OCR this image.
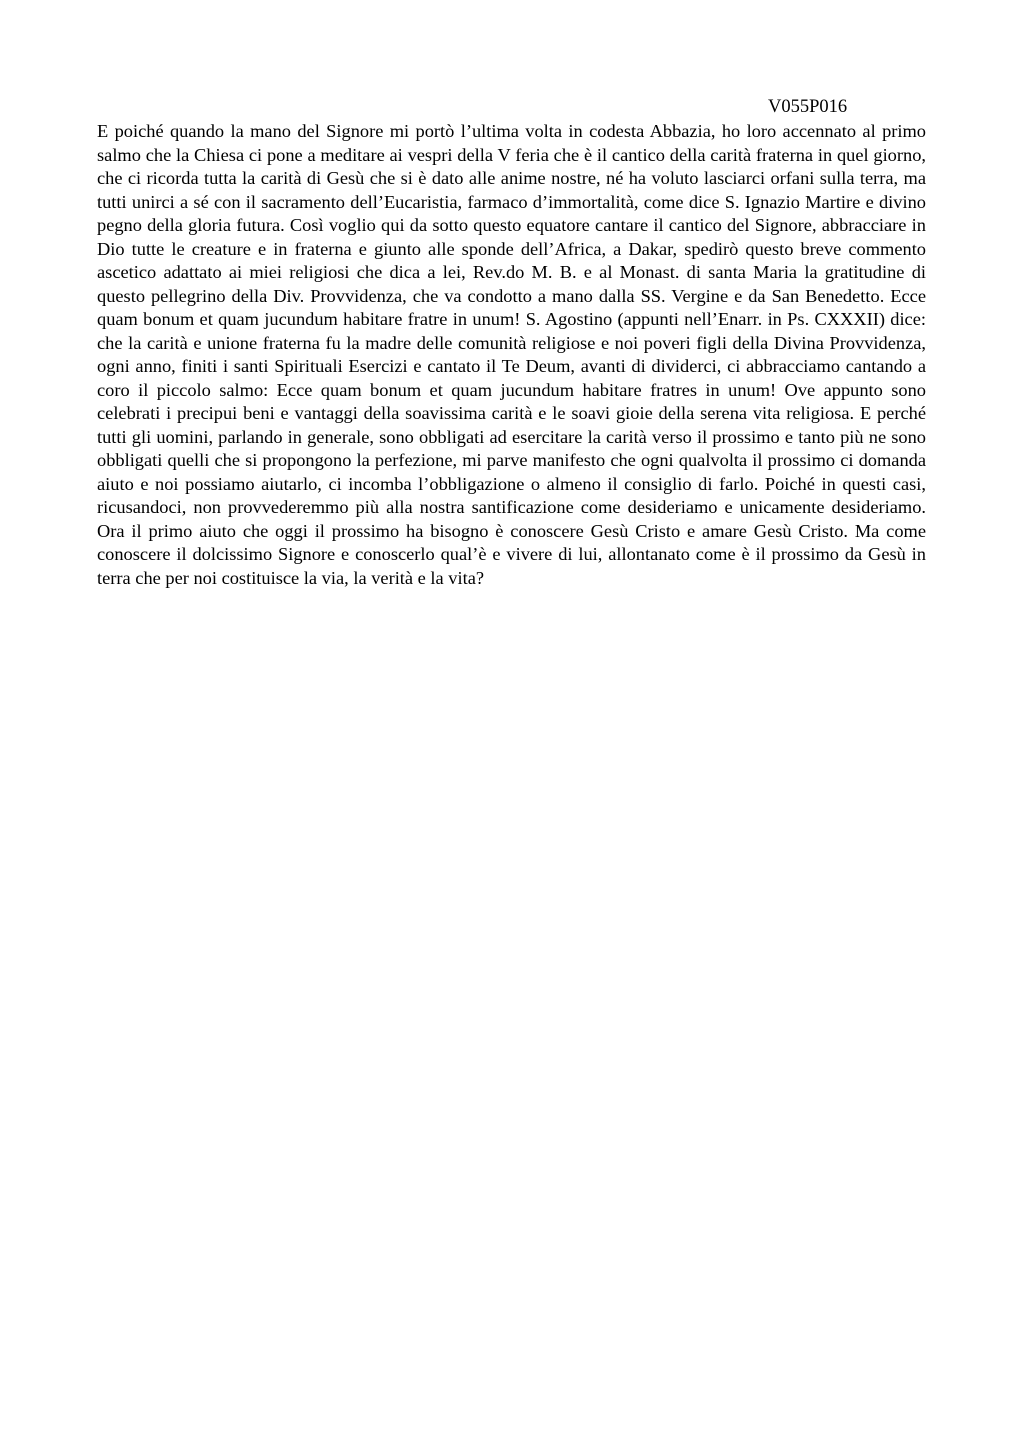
V055P016

E poiché quando la mano del Signore mi portò l’ultima volta in codesta Abbazia, ho loro accennato al primo salmo che la Chiesa ci pone a meditare ai vespri della V feria che è il cantico della carità fraterna in quel giorno, che ci ricorda tutta la carità di Gesù che si è dato alle anime nostre, né ha voluto lasciarci orfani sulla terra, ma tutti unirci a sé con il sacramento dell’Eucaristia, farmaco d’immortalità, come dice S. Ignazio Martire e divino pegno della gloria futura. Così voglio qui da sotto questo equatore cantare il cantico del Signore, abbracciare in Dio tutte le creature e in fraterna e giunto alle sponde dell’Africa, a Dakar, spedirò questo breve commento ascetico adattato ai miei religiosi che dica a lei, Rev.do M. B. e al Monast. di santa Maria la gratitudine di questo pellegrino della Div. Provvidenza, che va condotto a mano dalla SS. Vergine e da San Benedetto. Ecce quam bonum et quam jucundum habitare fratre in unum! S. Agostino (appunti nell’Enarr. in Ps. CXXXII) dice: che la carità e unione fraterna fu la madre delle comunità religiose e noi poveri figli della Divina Provvidenza, ogni anno, finiti i santi Spirituali Esercizi e cantato il Te Deum, avanti di dividerci, ci abbracciamo cantando a coro il piccolo salmo: Ecce quam bonum et quam jucundum habitare fratres in unum! Ove appunto sono celebrati i precipui beni e vantaggi della soavissima carità e le soavi gioie della serena vita religiosa. E perché tutti gli uomini, parlando in generale, sono obbligati ad esercitare la carità verso il prossimo e tanto più ne sono obbligati quelli che si propongono la perfezione, mi parve manifesto che ogni qualvolta il prossimo ci domanda aiuto e noi possiamo aiutarlo, ci incomba l’obbligazione o almeno il consiglio di farlo. Poiché in questi casi, ricusandoci, non provvederemmo più alla nostra santificazione come desideriamo e unicamente desideriamo. Ora il primo aiuto che oggi il prossimo ha bisogno è conoscere Gesù Cristo e amare Gesù Cristo. Ma come conoscere il dolcissimo Signore e conoscerlo qual’è e vivere di lui, allontanato come è il prossimo da Gesù in terra che per noi costituisce la via, la verità e la vita?
